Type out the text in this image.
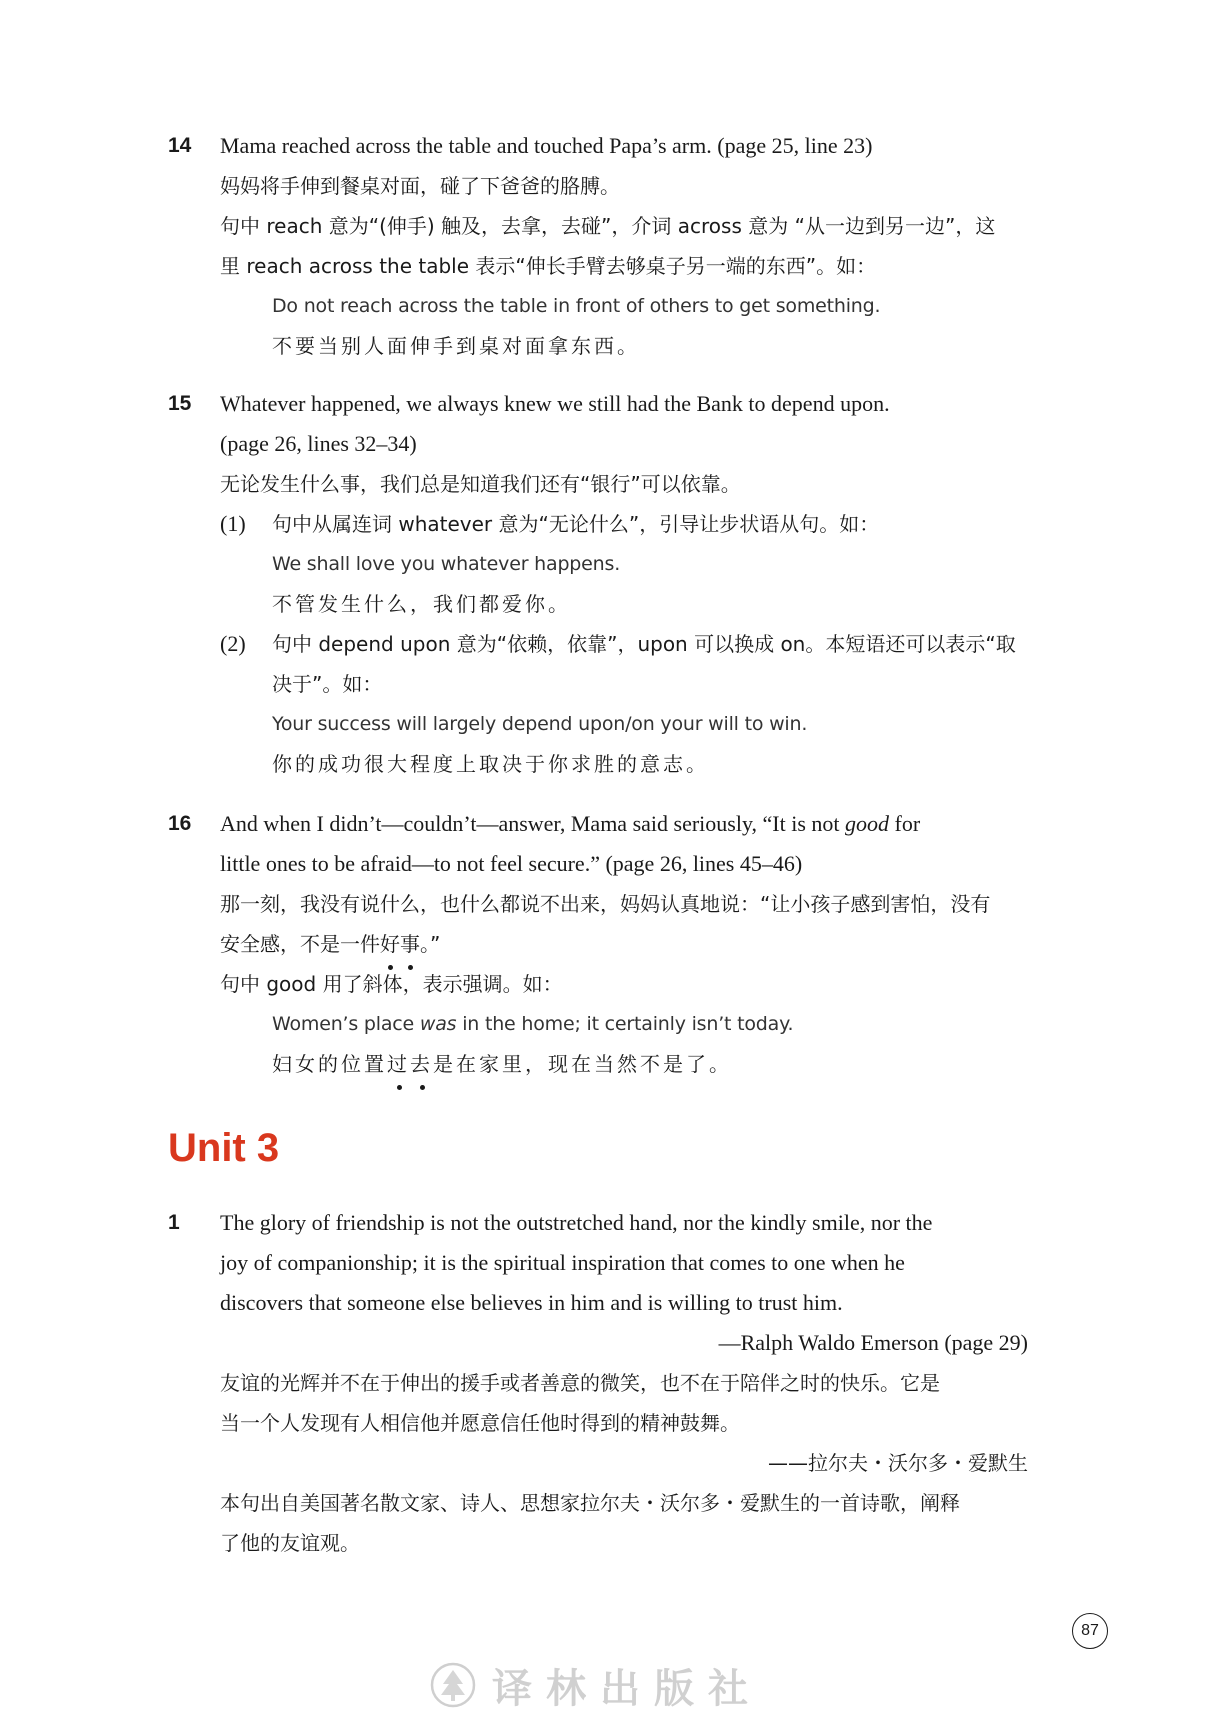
14 Mama reached across the table and touched Papa’s arm. (page 25, line 23)
妈妈将手伸到餐桌对面，碰了下爸爸的胳膊。
句中 reach 意为“(伸手) 触及，去拿，去碰”，介词 across 意为 “从一边到另一边”，这
里 reach across the table 表示“伸长手臂去够桌子另一端的东西”。如：
Do not reach across the table in front of others to get something.
不要当别人面伸手到桌对面拿东西。
15 Whatever happened, we always knew we still had the Bank to depend upon.
(page 26, lines 32–34)
无论发生什么事，我们总是知道我们还有“银行”可以依靠。
(1) 句中从属连词 whatever 意为“无论什么”，引导让步状语从句。如：
We shall love you whatever happens.
不管发生什么，我们都爱你。
(2) 句中 depend upon 意为“依赖，依靠”，upon 可以换成 on。本短语还可以表示“取
决于”。如：
Your success will largely depend upon/on your will to win.
你的成功很大程度上取决于你求胜的意志。
16 And when I didn’t—couldn’t—answer, Mama said seriously, “It is not good for
little ones to be afraid—to not feel secure.” (page 26, lines 45–46)
那一刻，我没有说什么，也什么都说不出来，妈妈认真地说：“让小孩子感到害怕，没有
安全感，不是一件好事。”
句中 good 用了斜体，表示强调。如：
Women’s place was in the home; it certainly isn’t today.
妇女的位置过去是在家里，现在当然不是了。
Unit 3
1 The glory of friendship is not the outstretched hand, nor the kindly smile, nor the
joy of companionship; it is the spiritual inspiration that comes to one when he
discovers that someone else believes in him and is willing to trust him.
—Ralph Waldo Emerson (page 29)
友谊的光辉并不在于伸出的援手或者善意的微笑，也不在于陪伴之时的快乐。它是
当一个人发现有人相信他并愿意信任他时得到的精神鼓舞。
——拉尔夫・沃尔多・爱默生
本句出自美国著名散文家、诗人、思想家拉尔夫・沃尔多・爱默生的一首诗歌，阐释
了他的友谊观。
87
译林出版社
